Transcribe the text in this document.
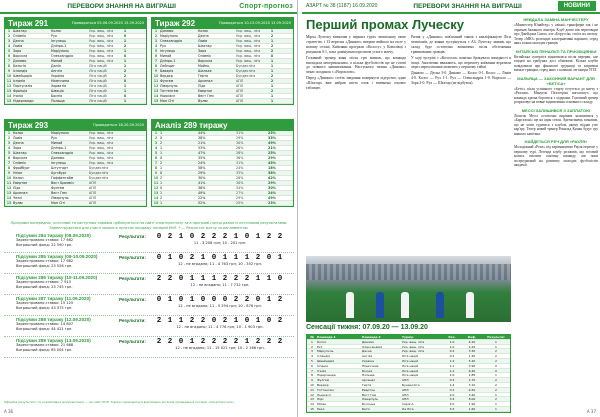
ПЕРЕВОРИ ЗНАННЯ НА ВИГРАШІ	Спорт-прогноз
Тираж 291	Проводиться 05-06.09.2020 13.09.2020
1 Шахтар	Колос	Укр. вищ. ліга	1
2 Олімпік	Рух	Укр. вищ. ліга	0
3 Десна	Інгулець	Укр. вищ. ліга	1
4 Львів	Дніпро-1	Укр. вищ. ліга	2
5 Зоря	Маріуполь	Укр. вищ. ліга	1
6 Ворскла	Олександрія	Укр. вищ. ліга	X
7 Динамо	Минай	Укр. вищ. ліга	1
8 Бельгія	Данія	Ліга націй	1
9 Ісландія	Англія	Ліга націй	2
10 Швейцарія	Україна	Ліга націй	2
11 Іспанія	Німеччина	Ліга націй	X
12 Португалія	Хорватія	Ліга націй	1
13 Франція	Швеція	Ліга націй	1
14 Італія	Боснія	Ліга націй	X
15 Нідерланди	Польща	Ліга націй	1
Тираж 292	Проводиться 10-13.09.2020 13.09.2020
1 Динамо	Колос	Укр. вищ. ліга	1
2 Маріуполь	Десна	Укр. вищ. ліга	2
3 Олександрія	Львів	Укр. вищ. ліга	1
4 Рух	Шахтар	Укр. вищ. ліга	2
5 Інгулець	Зоря	Укр. вищ. ліга	2
6 Минай	Олімпік	Укр. вищ. ліга	X
7 Дніпро-1	Ворскла	Укр. вищ. ліга	1
8 Лейпциг	Майнц	Бундесліга	1
9 Баварія	Шальке	Бундесліга	1
10 Вердер	Герта	Бундесліга	2
11 Фулгем	Арсенал	АПЛ	2
12 Ліверпуль	Лідс	АПЛ	1
13 Тоттенгем	Евертон	АПЛ	2
14 Ньюкасл	Вест Гем	АПЛ	1
15 Ман Сіті	Вулвс	АПЛ	1
Тираж 293	Проводиться 18-20.09.2020
1 Колос	Маріуполь	Укр. вищ. ліга
2 Львів	Рух	Укр. вищ. ліга
3 Десна	Минай	Укр. вищ. ліга
4 Зоря	Дніпро-1	Укр. вищ. ліга
5 Шахтар	Олександрія	Укр. вищ. ліга
6 Ворскла	Динамо	Укр. вищ. ліга
7 Олімпік	Інгулець	Укр. вищ. ліга
8 Фрайбург	Штутгарт	Бундесліга
9 Уніон	Аугсбург	Бундесліга
10 Кельн	Гоффенгайм	Бундесліга
11 Евертон	Вест Бромвіч	АПЛ
12 Лідс	Фулгем	АПЛ
13 Арсенал	Вест Гем	АПЛ
14 Челсі	Ліверпуль	АПЛ
15 Вулвс	Ман Сіті	АПЛ
Аналіз 289 тиражу
1 1	44%	31%	25%
2 X	38%	29%	33%
3 2	21%	30%	49%
4 1	53%	26%	21%
5 1	47%	28%	25%
6 X	35%	36%	29%
7 2	24%	31%	45%
8 1	58%	24%	18%
9 0	29%	33%	38%
10 2	30%	28%	42%
11 1	41%	30%	29%
12 X	36%	34%	30%
13 1	49%	27%	24%
14 2	22%	29%	49%
15 1	52%	25%	23%
Програми попередніх, поточний та наступних тиражів публікуються на сайті спортпрогнозу та в програмі-гортці разом із поточними результатами. Зареєструватися для участі можна в пунктах продажу лотерей УНЛ. * — Результат матчу за регламентом.
Підсумки 284 тиражу (08.09.2020)
Зареєстровано ставок: 17 662
Виграшний фонд: 22 590 грн.
Результати:	0 2 1 0 2 2 2 1 0 1 2 2
11 - 3 208 грн; 10 - 201 грн.
Підсумки 285 тиражу (09-10.09.2020)
Зареєстровано ставок: 17 662
Виграшний фонд: 23 526 грн.
Результати:	0 1 0 2 1 0 1 1 1 2 0 1
12 - не вгадано; 11 - 4 763 грн; 10 - 352 грн.
Підсумки 286 тиражу (10-11.09.2020)
Зареєстровано ставок: 7 913
Виграшний фонд: 23 745 грн.
Результати:	2 2 0 1 1 1 2 2 2 1 1 0
12 - не вгадано; 11 - 7 732 грн.
Підсумки 287 тиражу (11.09.2020)
Зареєстровано ставок: 15 125
Виграшний фонд: 43 375 грн.
Результати:	0 1 0 1 0 0 0 2 2 0 1 2
12 - не вгадано; 11 - 5 294 грн; 10 - 876 грн.
Підсумки 288 тиражу (12.09.2020)
Зареєстровано ставок: 14 807
Виграшний фонд: 44 421 грн.
Результати:	2 1 1 2 2 0 2 1 0 1 0 2
12 - не вгадано; 11 - 4 776 грн; 10 - 1 903 грн.
Підсумки 289 тиражу (13.09.2020)
Зареєстровано ставок: 21 668
Виграшний фонд: 65 004 грн.
Результати:	2 2 0 1 2 2 2 2 1 2 2 2
12 - не вгадано; 11 - 15 021 грн; 10 - 2 166 грн.
Офіційні результати та нормативна документація — на сайті УНЛ. Тиражі проводяться відповідно до Умов проведення лотереї «Спортпрогноз».
A 36
АЗАРТ № 38 (1187) 16.09.2020	ПЕРЕВОРИ ЗНАННЯ НА ВИГРАШІ	НОВИНИ
Перший промах Луческу

Мірча Луческу визначав у перших турах чемпіонату свою стратегію, і 13 вересня «Динамо» вперше вийшло на поле у новому сезоні. Київляни програли «Колосу» у Ковалівці з рахунком 0:1, хоча домінували протягом усього матчу.

Головний тренер киян після гри визнав, що команда виглядала непереконливо, а кілька футболістів ще не готові до повного навантаження. Наступного тижня «Динамо» чекає поєдинок з «Ворсклою».

Перед «Динамо» стоїть завдання повернути лідерство, адже «Шахтар» вже набрав шість очок і впевнено очолює таблицю.

Ризик у «Динамо» пов'язаний також з кваліфікацією Ліги чемпіонів, де кияни зустрінуться з АЗ. Луческу заявив, що склад буде остаточно визначено після обстеження травмованих гравців.

У ході зустрічі з «Колосом» помітно бракувало швидкості в атаці. Аналітики вважають, що перемогу київляни втратили через нереалізовані моменти у першому таймі.

Динамо — Десна 3-0. Динамо — Колос 0-1. Колос — Львів 4-0. Колос — Рух 1-1. Рух — Олександрія 1-0. Ворскла — Зоря 2-0. Рух — Шахтар (не відбувся).

Сенсації тижня: 07.09.20 — 13.09.20
№	Команда 1	Команда 2	Турнір	Рах.	Кеф.	Результат
1	Колос	Динамо	Укр. вищ. ліга	1:0	6.10	1
2	Рух	Олександрія	Укр. вищ. ліга	1:0	4.25	1
3	Маріуполь	Десна	Укр. вищ. ліга	0:2	3.30	2
4	Ісландія	Англія	Ліга націй	0:1	1.40	2
5	Швейцарія	Україна	Ліга націй	1:2	5.20	2
6	Іспанія	Німеччина	Ліга націй	1:1	3.90	X
7	Італія	Боснія	Ліга націй	1:1	6.40	X
8	Нідерланди	Польща	Ліга націй	1:0	1.85	1
9	Фулгем	Арсенал	АПЛ	0:3	1.70	2
10	Вердер	Герта	Бундесліга	1:4	3.10	2
11	Тоттенгем	Евертон	АПЛ	0:1	4.50	2
12	Ньюкасл	Вест Гем	АПЛ	2:0	3.40	1
13	Лідс	Ліверпуль	АПЛ	3:4	8.00	2
14	Мілан	Болонья	Серія А	2:0	1.90	1
15	Реал	Бетіс	Ла Ліга	3:2	1.60	1
НЕВДАЛА ЗАМІНА МАНЧЕСТЕРУ
«Манчестер Юнайтед» у «вікні» трансферів так і не отримав бажаного вінгера. Клуб довго вів переговори про Джейдона Санчо, але «Боруссія» стоїть на своєму. Тепер «МЮ» розглядає альтернативні варіанти, серед яких кілька молодих гравців.
КИТАЙСЬКІ ПЕНАЛЬТІ ТА ПРИОБІЦЯНКИ
Китайська суперліга відновилася після перерви, але глядачі на трибунах досі обмежені. Кілька клубів повідомили про фінансові труднощі та затримки виплат гравцям, серед яких є колишні легіонери УПЛ.
МАЛЬЯЦА — ЗАКОННИЙ ВАРІАНТ ДЛЯ «БЕТІСА»
«Бетіс» після успішного старту готується до матчу з «Реалом». Мануель Пеллегріні наголошує, що команда здатна боротися з лідерами. Головний тренер розраховує на повне відновлення основного складу.
МЕССІ ЗАЛИШИВСЯ З ЗАПЛАТОЮ
Ліонель Мессі остаточно вирішив залишитися у «Барселоні» ще на один сезон. Аргентинець зазначив, що не хотів судитися з клубом, якому віддав усю кар'єру. Тепер новий тренер Рональд Куман будує гру навколо капітана.
НАЙДЕТЬСЯ РЕЧ ДЛЯ «РАУЛЯ»
Молодіжний «Реал» під керівництвом Рауля переміг у першому турі. Легенда клубу розповів, що готовий колись очолити основну команду, але поки зосереджений на розвитку молодих футболістів академії.
A 37
